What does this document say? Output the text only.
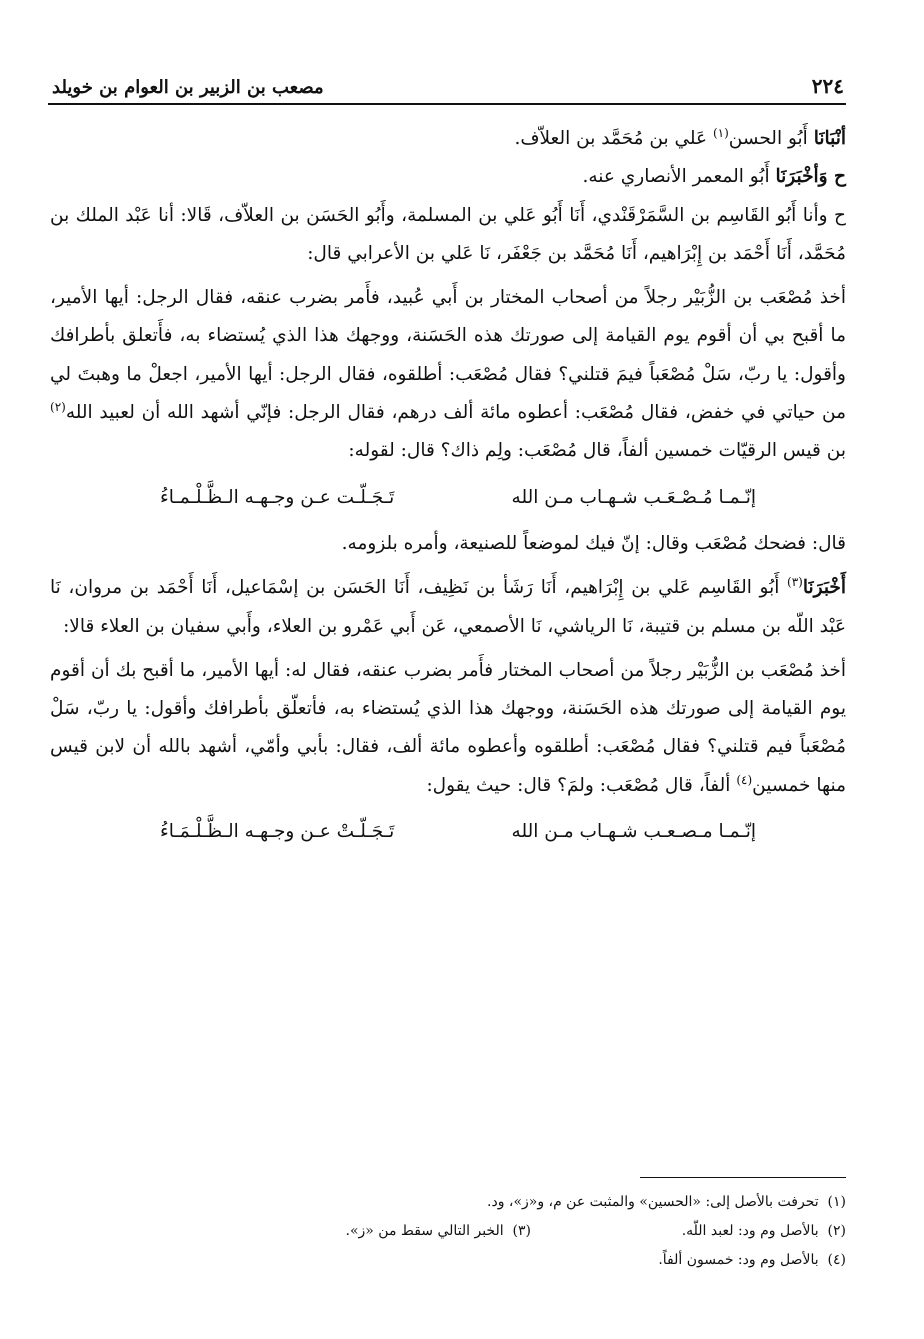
٢٢٤
مصعب بن الزبير بن العوام بن خويلد

أنْبَانَا أَبُو الحسن$^{(١)}$ عَلي بن مُحَمَّد بن العلاّف.

ح وَأخْبَرَنَا أَبُو المعمر الأنصاري عنه.

ح وأنا أَبُو القَاسِم بن السَّمَرْقَنْدي، أَنَا أَبُو عَلي بن المسلمة، وأَبُو الحَسَن بن العلاّف، قَالا: أنا عَبْد الملك بن مُحَمَّد، أَنَا أَحْمَد بن إِبْرَاهيم، أَنَا مُحَمَّد بن جَعْفَر، نَا عَلي بن الأعرابي قال:

أخذ مُصْعَب بن الزُّبَيْر رجلاً من أصحاب المختار بن أَبي عُبيد، فأَمر بضرب عنقه، فقال الرجل: أيها الأمير، ما أقبح بي أن أقوم يوم القيامة إلى صورتك هذه الحَسَنة، ووجهك هذا الذي يُستضاء به، فأَتعلق بأطرافك وأقول: يا ربّ، سَلْ مُصْعَباً فيمَ قتلني؟ فقال مُصْعَب: أطلقوه، فقال الرجل: أيها الأمير، اجعلْ ما وهبتَ لي من حياتي في خفض، فقال مُصْعَب: أعطوه مائة ألف درهم، فقال الرجل: فإنّي أشهد الله أن لعبيد الله$^{(٢)}$ بن قيس الرقيّات خمسين ألفاً، قال مُصْعَب: ولِم ذاك؟ قال: لقوله:

إنّـمـا مُـصْـعَـب شـهـاب مـن الله
تَـجَـلّـت عـن وجـهـه الـظَّـلْـمـاءُ

قال: فضحك مُصْعَب وقال: إنّ فيك لموضعاً للصنيعة، وأمره بلزومه.

أَخْبَرَنَا$^{(٣)}$ أَبُو القَاسِم عَلي بن إِبْرَاهيم، أَنَا رَشَأ بن نَظِيف، أَنَا الحَسَن بن إسْمَاعيل، أَنَا أَحْمَد بن مروان، نَا عَبْد اللّه بن مسلم بن قتيبة، نَا الرياشي، نَا الأصمعي، عَن أَبي عَمْرو بن العلاء، وأَبي سفيان بن العلاء قالا:

أخذ مُصْعَب بن الزُّبَيْر رجلاً من أصحاب المختار فأَمر بضرب عنقه، فقال له: أيها الأمير، ما أقبح بك أن أقوم يوم القيامة إلى صورتك هذه الحَسَنة، ووجهك هذا الذي يُستضاء به، فأتعلّق بأطرافك وأقول: يا ربّ، سَلْ مُصْعَباً فيم قتلني؟ فقال مُصْعَب: أطلقوه وأعطوه مائة ألف، فقال: بأبي وأمّي، أشهد بالله أن لابن قيس منها خمسين$^{(٤)}$ ألفاً، قال مُصْعَب: ولمَ؟ قال: حيث يقول:

إنّـمـا مـصـعـب شـهـاب مـن الله
تَـجَـلّـتْ عـن وجـهـه الـظَّـلْـمَـاءُ
(١)  تحرفت بالأصل إلى: «الحسين» والمثبت عن م، و«ز»، ود.
(٢)  بالأصل وم ود: لعبد اللّه.
(٣)  الخبر التالي سقط من «ز».
(٤)  بالأصل وم ود: خمسون ألفاً.
